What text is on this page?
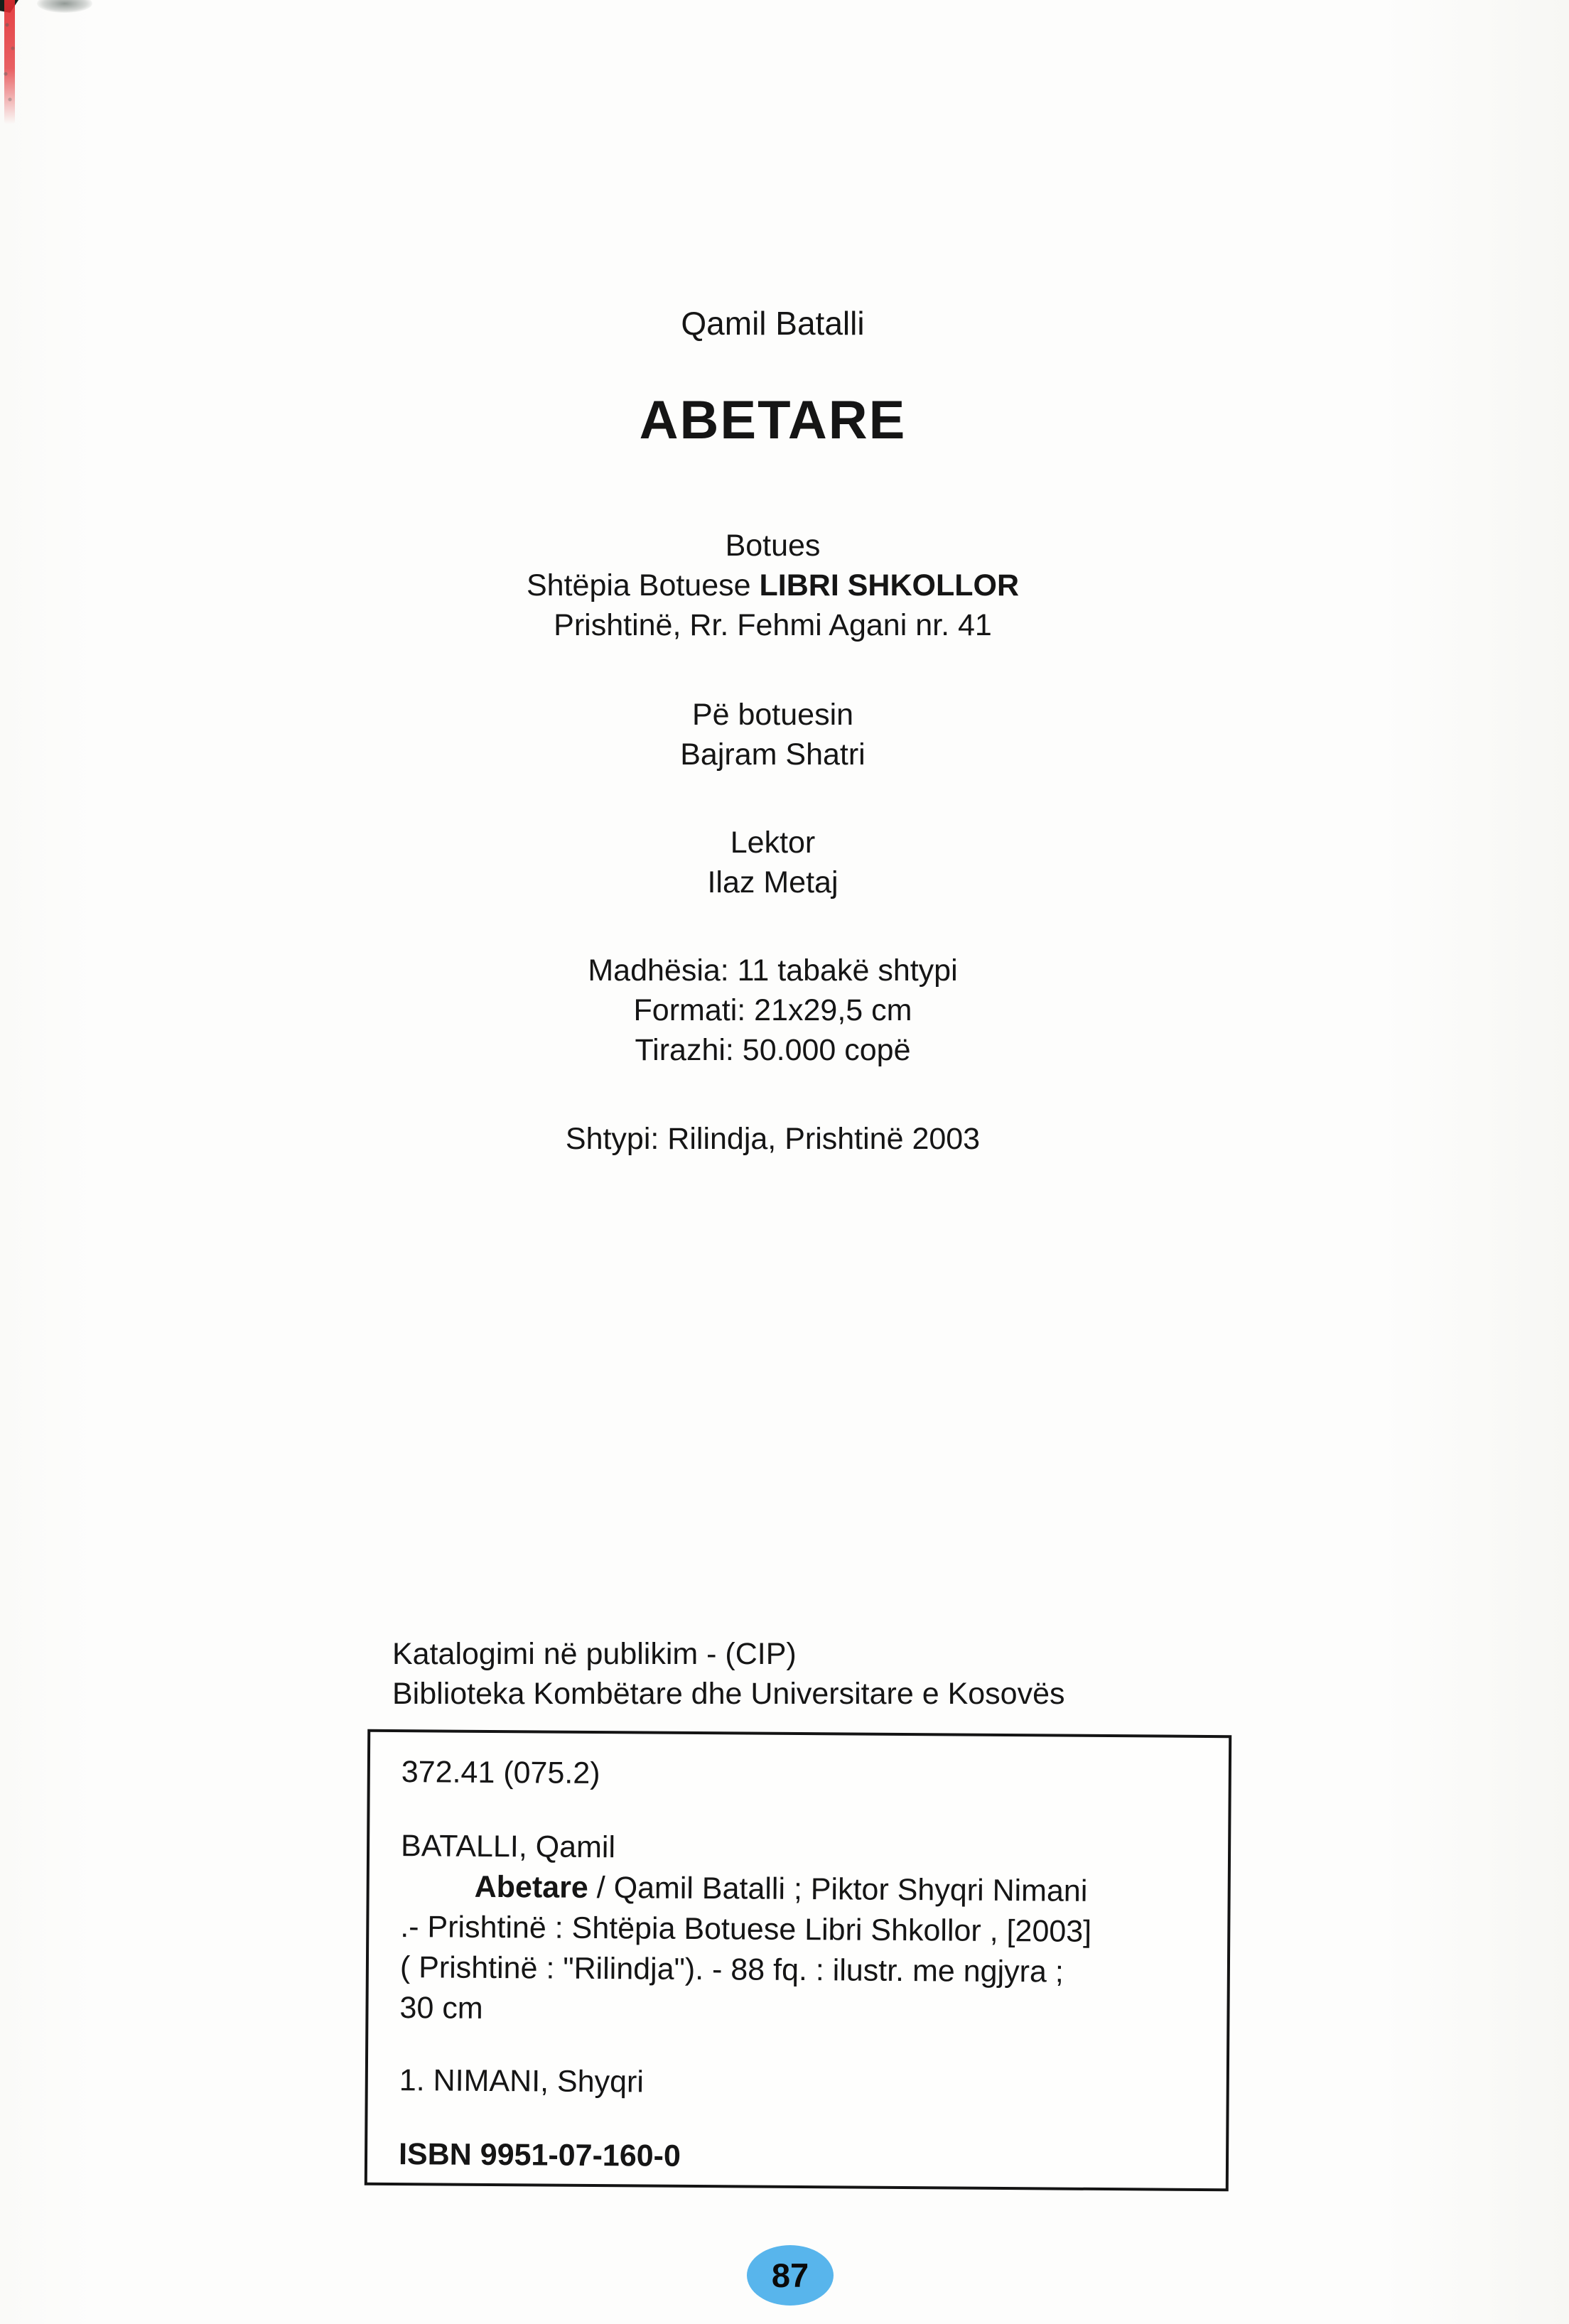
Qamil Batalli
ABETARE
Botues
Shtëpia Botuese LIBRI SHKOLLOR
Prishtinë, Rr. Fehmi Agani nr. 41
Pë botuesin
Bajram Shatri
Lektor
Ilaz Metaj
Madhësia: 11 tabakë shtypi
Formati: 21x29,5 cm
Tirazhi: 50.000 copë
Shtypi: Rilindja, Prishtinë 2003
Katalogimi në publikim - (CIP)
Biblioteka Kombëtare dhe Universitare e Kosovës
372.41 (075.2)
BATALLI, Qamil
Abetare / Qamil Batalli ; Piktor Shyqri Nimani
.- Prishtinë : Shtëpia Botuese Libri Shkollor , [2003]
( Prishtinë : "Rilindja"). - 88 fq. : ilustr. me ngjyra ;
30 cm
1. NIMANI, Shyqri
ISBN 9951-07-160-0
87
